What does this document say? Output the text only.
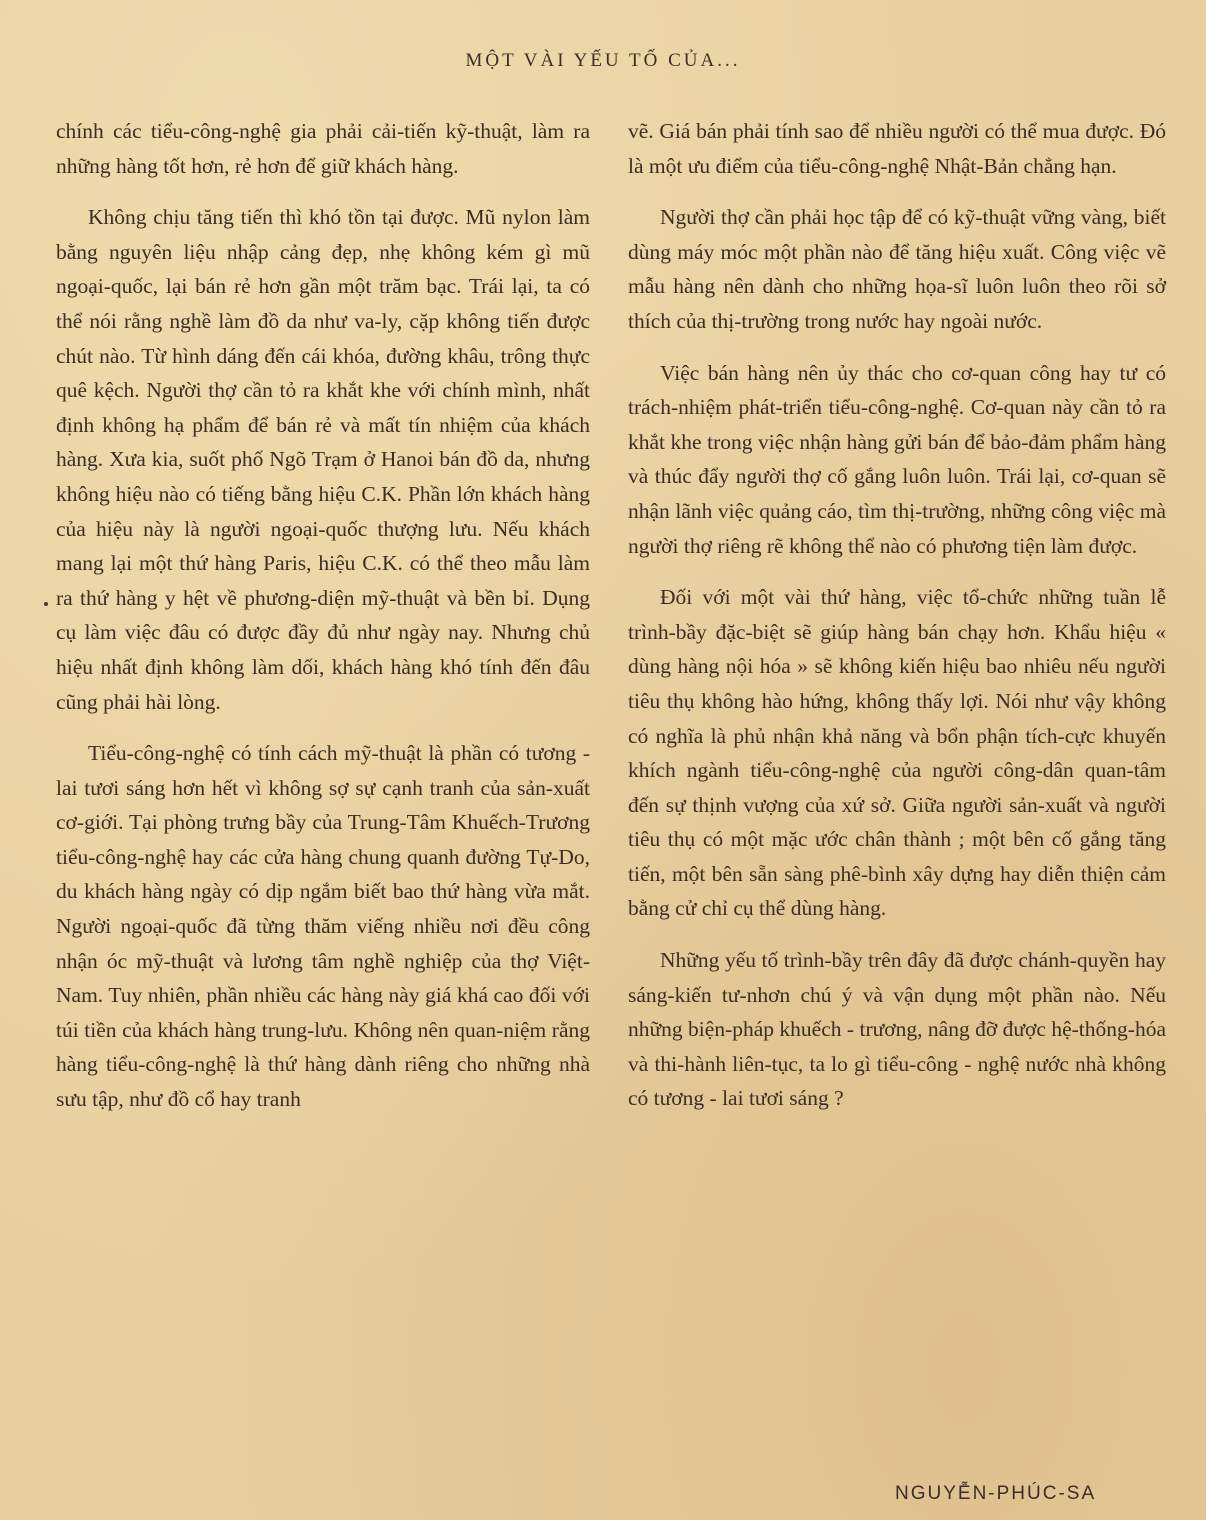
MỘT VÀI YẾU TỐ CỦA...

chính các tiểu-công-nghệ gia phải cải-tiến kỹ-thuật, làm ra những hàng tốt hơn, rẻ hơn để giữ khách hàng.

Không chịu tăng tiến thì khó tồn tại được. Mũ nylon làm bằng nguyên liệu nhập cảng đẹp, nhẹ không kém gì mũ ngoại-quốc, lại bán rẻ hơn gần một trăm bạc. Trái lại, ta có thể nói rằng nghề làm đồ da như va-ly, cặp không tiến được chút nào. Từ hình dáng đến cái khóa, đường khâu, trông thực quê kệch. Người thợ cần tỏ ra khắt khe với chính mình, nhất định không hạ phẩm để bán rẻ và mất tín nhiệm của khách hàng. Xưa kia, suốt phố Ngõ Trạm ở Hanoi bán đồ da, nhưng không hiệu nào có tiếng bằng hiệu C.K. Phần lớn khách hàng của hiệu này là người ngoại-quốc thượng lưu. Nếu khách mang lại một thứ hàng Paris, hiệu C.K. có thể theo mẫu làm ra thứ hàng y hệt về phương-diện mỹ-thuật và bền bỉ. Dụng cụ làm việc đâu có được đầy đủ như ngày nay. Nhưng chủ hiệu nhất định không làm dối, khách hàng khó tính đến đâu cũng phải hài lòng.

Tiểu-công-nghệ có tính cách mỹ-thuật là phần có tương - lai tươi sáng hơn hết vì không sợ sự cạnh tranh của sản-xuất cơ-giới. Tại phòng trưng bầy của Trung-Tâm Khuếch-Trương tiểu-công-nghệ hay các cửa hàng chung quanh đường Tự-Do, du khách hàng ngày có dịp ngắm biết bao thứ hàng vừa mắt. Người ngoại-quốc đã từng thăm viếng nhiều nơi đều công nhận óc mỹ-thuật và lương tâm nghề nghiệp của thợ Việt-Nam. Tuy nhiên, phần nhiều các hàng này giá khá cao đối với túi tiền của khách hàng trung-lưu. Không nên quan-niệm rằng hàng tiểu-công-nghệ là thứ hàng dành riêng cho những nhà sưu tập, như đồ cổ hay tranh

vẽ. Giá bán phải tính sao để nhiều người có thể mua được. Đó là một ưu điểm của tiểu-công-nghệ Nhật-Bản chẳng hạn.

Người thợ cần phải học tập để có kỹ-thuật vững vàng, biết dùng máy móc một phần nào để tăng hiệu xuất. Công việc vẽ mẫu hàng nên dành cho những họa-sĩ luôn luôn theo rõi sở thích của thị-trường trong nước hay ngoài nước.

Việc bán hàng nên ủy thác cho cơ-quan công hay tư có trách-nhiệm phát-triển tiểu-công-nghệ. Cơ-quan này cần tỏ ra khắt khe trong việc nhận hàng gửi bán để bảo-đảm phẩm hàng và thúc đẩy người thợ cố gắng luôn luôn. Trái lại, cơ-quan sẽ nhận lãnh việc quảng cáo, tìm thị-trường, những công việc mà người thợ riêng rẽ không thể nào có phương tiện làm được.

Đối với một vài thứ hàng, việc tổ-chức những tuần lễ trình-bầy đặc-biệt sẽ giúp hàng bán chạy hơn. Khẩu hiệu « dùng hàng nội hóa » sẽ không kiến hiệu bao nhiêu nếu người tiêu thụ không hào hứng, không thấy lợi. Nói như vậy không có nghĩa là phủ nhận khả năng và bổn phận tích-cực khuyến khích ngành tiểu-công-nghệ của người công-dân quan-tâm đến sự thịnh vượng của xứ sở. Giữa người sản-xuất và người tiêu thụ có một mặc ước chân thành ; một bên cố gắng tăng tiến, một bên sẵn sàng phê-bình xây dựng hay diễn thiện cảm bằng cử chỉ cụ thể dùng hàng.

Những yếu tố trình-bầy trên đây đã được chánh-quyền hay sáng-kiến tư-nhơn chú ý và vận dụng một phần nào. Nếu những biện-pháp khuếch - trương, nâng đỡ được hệ-thống-hóa và thi-hành liên-tục, ta lo gì tiểu-công - nghệ nước nhà không có tương - lai tươi sáng ?

NGUYỄN-PHÚC-SA
